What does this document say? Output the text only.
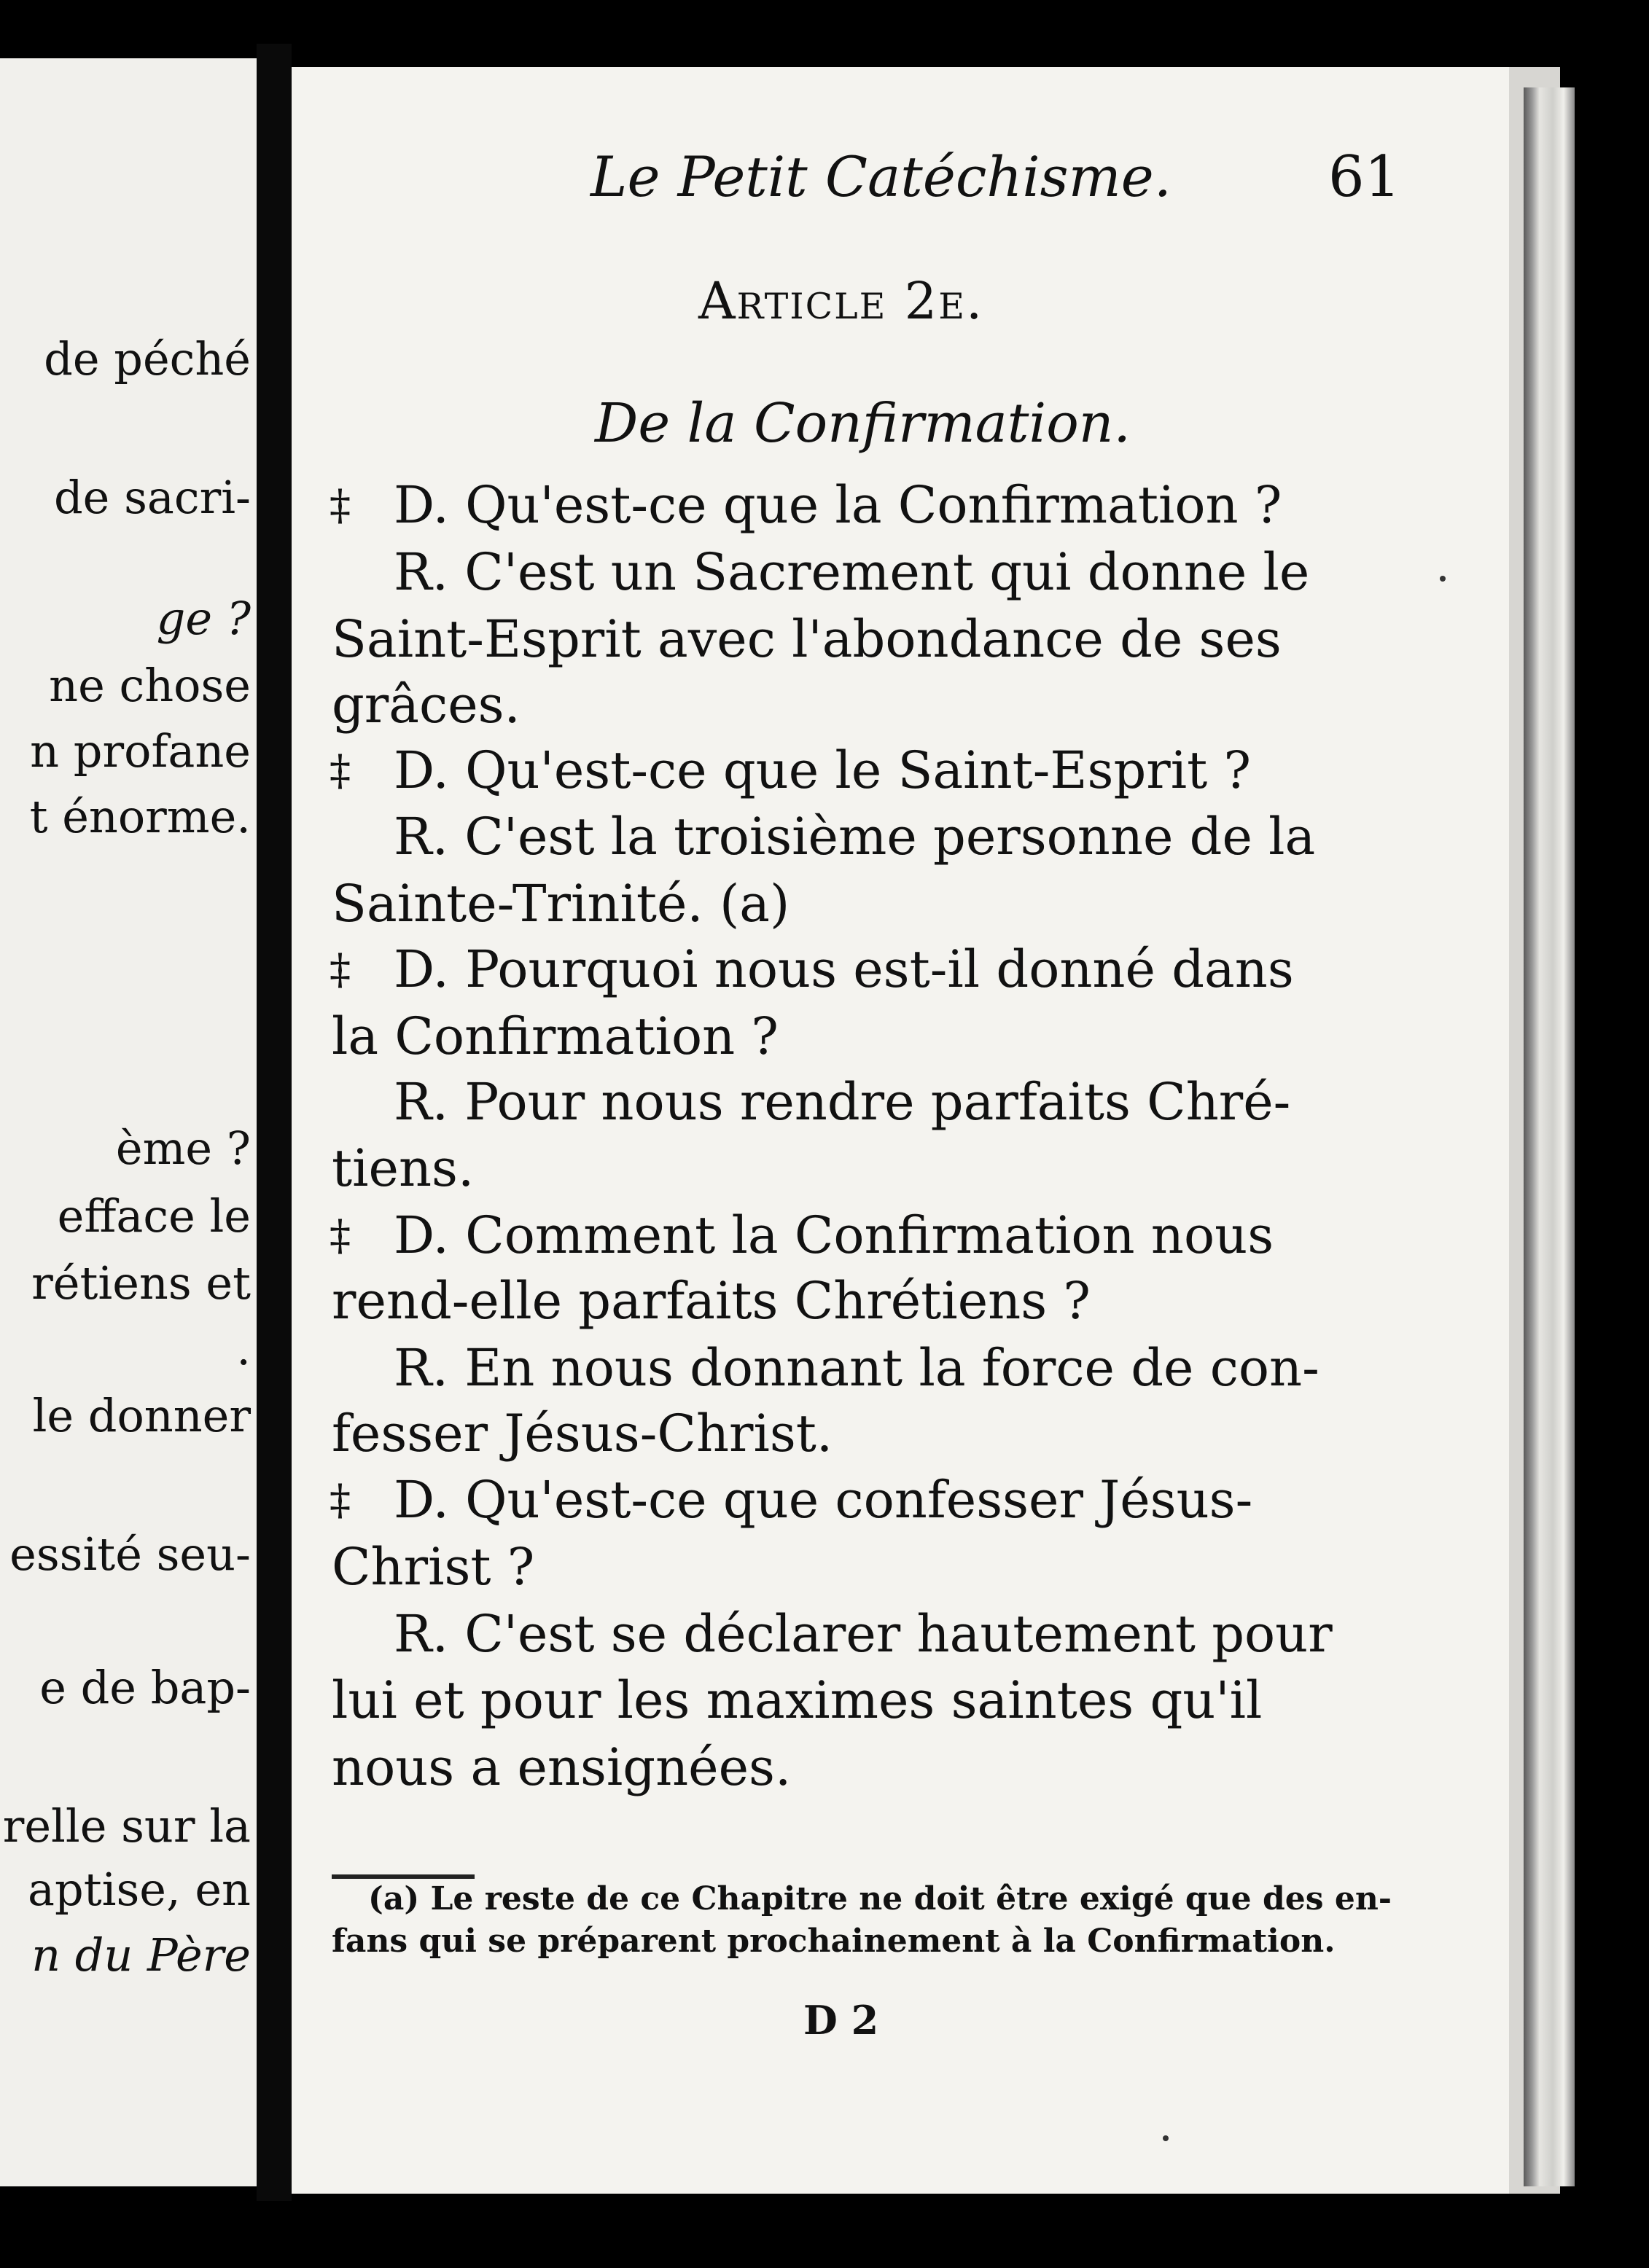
de péché
de sacri-
ge ?
ne chose
n profane
t énorme.
ème ?
efface le
rétiens et
.
le donner
essité seu-
e de bap-
relle sur la
aptise, en
n du Père
Le Petit Catéchisme.	61
Article 2e.
De la Confirmation.
D. Qu'est-ce que la Confirmation ?
‡
R. C'est un Sacrement qui donne le
Saint-Esprit avec l'abondance de ses
grâces.
D. Qu'est-ce que le Saint-Esprit ?
‡
R. C'est la troisième personne de la
Sainte-Trinité. (a)
D. Pourquoi nous est-il donné dans
‡
la Confirmation ?
R. Pour nous rendre parfaits Chré-
tiens.
D. Comment la Confirmation nous
‡
rend-elle parfaits Chrétiens ?
R. En nous donnant la force de con-
fesser Jésus-Christ.
D. Qu'est-ce que confesser Jésus-
‡
Christ ?
R. C'est se déclarer hautement pour
lui et pour les maximes saintes qu'il
nous a ensignées.
(a) Le reste de ce Chapitre ne doit être exigé que des en-
fans qui se préparent prochainement à la Confirmation.
D 2
